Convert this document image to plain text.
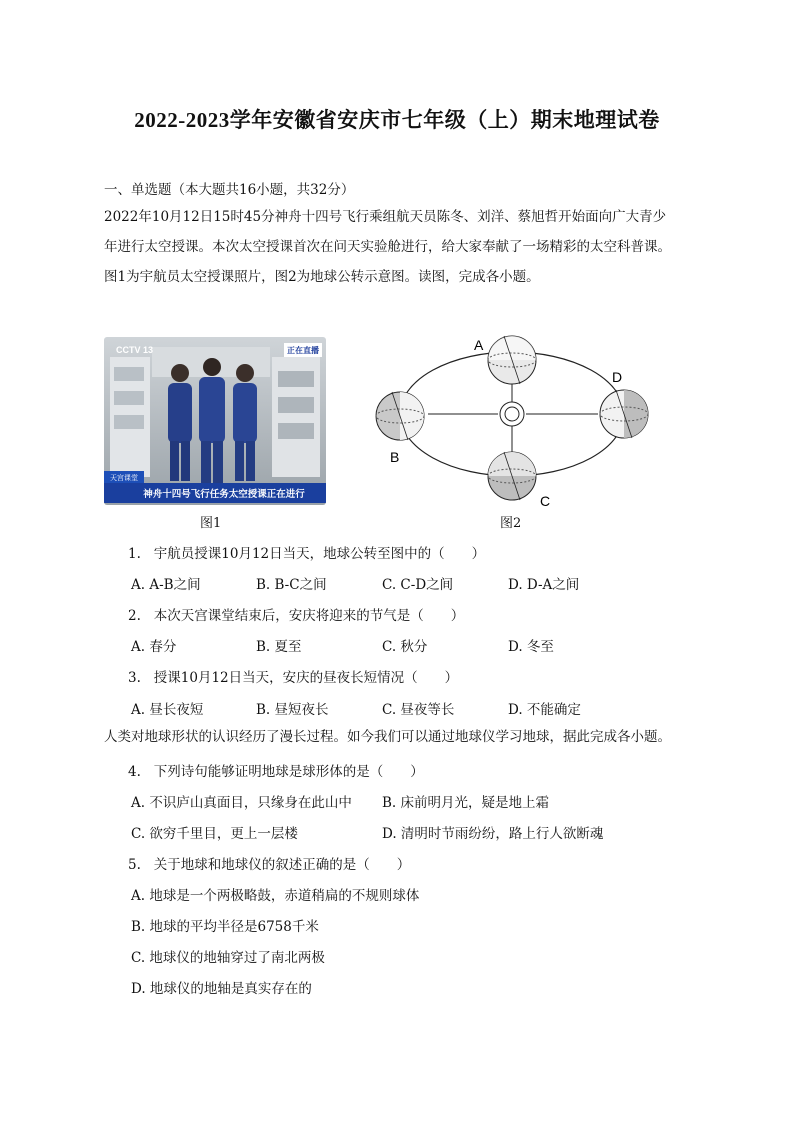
2022-2023学年安徽省安庆市七年级（上）期末地理试卷
一、单选题（本大题共16小题，共32分）
2022年10月12日15时45分神舟十四号飞行乘组航天员陈冬、刘洋、蔡旭哲开始面向广大青少
年进行太空授课。本次太空授课首次在问天实验舱进行，给大家奉献了一场精彩的太空科普课。
图1为宇航员太空授课照片，图2为地球公转示意图。读图，完成各小题。
CCTV 13	正在直播
天宫课堂
神舟十四号飞行任务太空授课正在进行
图1
A
B
C
D
图2
1. 宇航员授课10月12日当天，地球公转至图中的（　　）
A. A-B之间	B. B-C之间	C. C-D之间	D. D-A之间
2. 本次天宫课堂结束后，安庆将迎来的节气是（　　）
A. 春分	B. 夏至	C. 秋分	D. 冬至
3. 授课10月12日当天，安庆的昼夜长短情况（　　）
A. 昼长夜短	B. 昼短夜长	C. 昼夜等长	D. 不能确定
人类对地球形状的认识经历了漫长过程。如今我们可以通过地球仪学习地球，据此完成各小题。
4. 下列诗句能够证明地球是球形体的是（　　）
A. 不识庐山真面目，只缘身在此山中 B. 床前明月光，疑是地上霜
C. 欲穷千里目，更上一层楼	D. 清明时节雨纷纷，路上行人欲断魂
5. 关于地球和地球仪的叙述正确的是（　　）
A. 地球是一个两极略鼓，赤道稍扁的不规则球体
B. 地球的平均半径是6758千米
C. 地球仪的地轴穿过了南北两极
D. 地球仪的地轴是真实存在的
